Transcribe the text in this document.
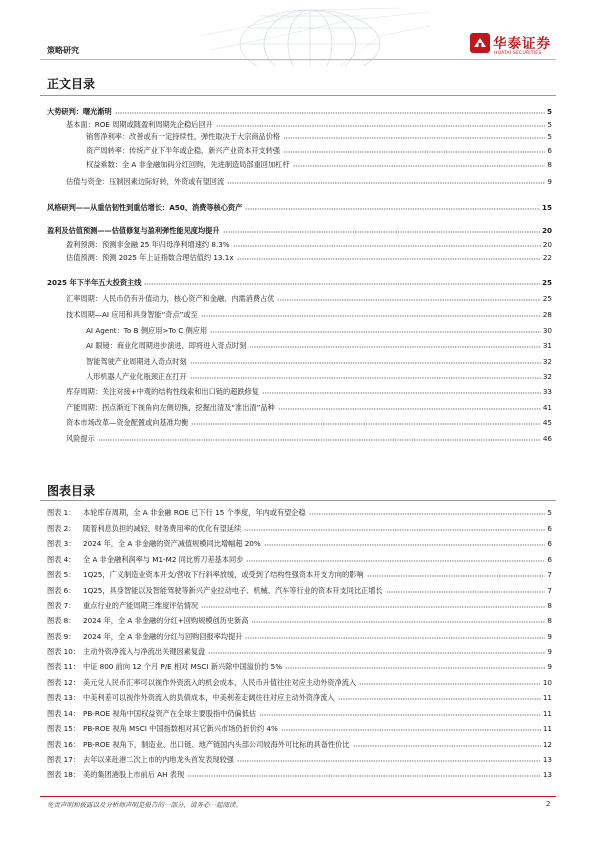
策略研究	华泰证券
HUATAI SECURITIES
正文目录
大势研判：曙光渐明	5
基本面：ROE 周期或随盈利周期先企稳后回升	5
销售净利率：改善或有一定持续性，弹性取决于大宗商品价格	5
资产周转率：传统产业下半年或企稳，新兴产业资本开支转强	6
权益乘数：全 A 非金融加码分红回购，先进制造局部重回加杠杆	8
估值与资金：压制因素边际好转，外资或有望回流	9
风格研判——从重估韧性到重估增长：A50、消费等核心资产	15
盈利及估值预测——估值修复与盈利弹性能见度均提升	20
盈利预测：预测非金融 25 年归母净利增速约 8.3%	20
估值预测：预测 2025 年上证指数合理估值约 13.1x	22
2025 年下半年五大投资主线	25
汇率周期：人民币仍有升值动力，核心资产和金融、内需消费占优	25
技术周期—AI 应用和具身智能“奇点”或至	28
AI Agent：To B 侧应用>To C 侧应用	30
AI 眼镜：商业化周期进步演进，即将进入奇点时刻	31
智能驾驶产业周期进入奇点时刻	32
人形机器人产业化瓶颈正在打开	32
库存周期：关注对接+中观的结构性线索和出口链的超跌修复	33
产能周期：拐点渐近下视角向左侧切换，挖掘出清及“准出清”品种	41
资本市场改革—资金配置或向基准均衡	45
风险提示	46
图表目录
图表 1：	本轮库存周期，全 A 非金融 ROE 已下行 15 个季度，年内或有望企稳	5
图表 2：	随着利息负担的减轻，财务费用率的优化有望延续	6
图表 3：	2024 年，全 A 非金融的资产减值规模同比增幅超 20%	6
图表 4：	全 A 非金融利润率与 M1-M2 同比剪刀差基本同步	6
图表 5：	1Q25，广义制造业资本开支/营收下行斜率放缓，或受到了结构性强资本开支方向的影响	7
图表 6：	1Q25，具身智能以及智能驾驶等新兴产业拉动电子、机械、汽车等行业的资本开支同比正增长	7
图表 7：	重点行业的产能周期三维度评估情况	8
图表 8：	2024 年，全 A 非金融的分红+回购规模创历史新高	8
图表 9：	2024 年，全 A 非金融的分红与回购回报率均提升	9
图表 10： 主动外资净流入与净流出关键因素复盘	9
图表 11： 中证 800 前向 12 个月 P/E 相对 MSCI 新兴除中国溢价约 5%	9
图表 12： 美元兑人民币汇率可以视作外资流入的机会成本，人民币升值往往对应主动外资净流入	10
图表 13： 中美利差可以视作外资流入的负债成本，中美利差走阔往往对应主动外资净流入	11
图表 14： PB-ROE 视角中国权益资产在全球主要股指中仍偏低估	11
图表 15： PB-ROE 视角 MSCI 中国指数相对其它新兴市场仍折价约 4%	11
图表 16： PB-ROE 视角下，制造业、出口链、地产链国内头部公司较海外可比标的具备性价比	12
图表 17： 去年以来赴港二次上市的内地龙头首发表现较强	13
图表 18： 美的集团港股上市前后 AH 表现	13
免责声明和披露以及分析师声明是报告的一部分，请务必一起阅读。	2
